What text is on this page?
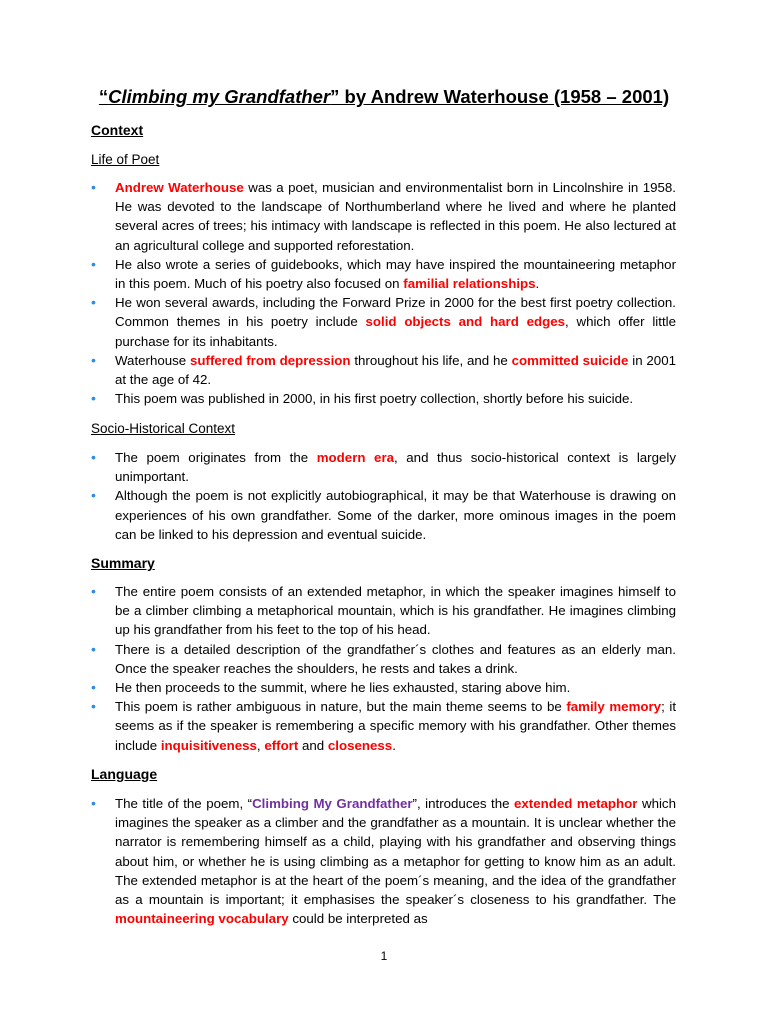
“Climbing my Grandfather” by Andrew Waterhouse (1958 – 2001)
Context
Life of Poet
• Andrew Waterhouse was a poet, musician and environmentalist born in Lincolnshire in 1958. He was devoted to the landscape of Northumberland where he lived and where he planted several acres of trees; his intimacy with landscape is reflected in this poem. He also lectured at an agricultural college and supported reforestation.
• He also wrote a series of guidebooks, which may have inspired the mountaineering metaphor in this poem. Much of his poetry also focused on familial relationships.
• He won several awards, including the Forward Prize in 2000 for the best first poetry collection. Common themes in his poetry include solid objects and hard edges, which offer little purchase for its inhabitants.
• Waterhouse suffered from depression throughout his life, and he committed suicide in 2001 at the age of 42.
• This poem was published in 2000, in his first poetry collection, shortly before his suicide.
Socio-Historical Context
• The poem originates from the modern era, and thus socio-historical context is largely unimportant.
• Although the poem is not explicitly autobiographical, it may be that Waterhouse is drawing on experiences of his own grandfather. Some of the darker, more ominous images in the poem can be linked to his depression and eventual suicide.
Summary
• The entire poem consists of an extended metaphor, in which the speaker imagines himself to be a climber climbing a metaphorical mountain, which is his grandfather. He imagines climbing up his grandfather from his feet to the top of his head.
• There is a detailed description of the grandfather´s clothes and features as an elderly man. Once the speaker reaches the shoulders, he rests and takes a drink.
• He then proceeds to the summit, where he lies exhausted, staring above him.
• This poem is rather ambiguous in nature, but the main theme seems to be family memory; it seems as if the speaker is remembering a specific memory with his grandfather. Other themes include inquisitiveness, effort and closeness.
Language
• The title of the poem, “Climbing My Grandfather”, introduces the extended metaphor which imagines the speaker as a climber and the grandfather as a mountain. It is unclear whether the narrator is remembering himself as a child, playing with his grandfather and observing things about him, or whether he is using climbing as a metaphor for getting to know him as an adult. The extended metaphor is at the heart of the poem´s meaning, and the idea of the grandfather as a mountain is important; it emphasises the speaker´s closeness to his grandfather. The mountaineering vocabulary could be interpreted as
1
